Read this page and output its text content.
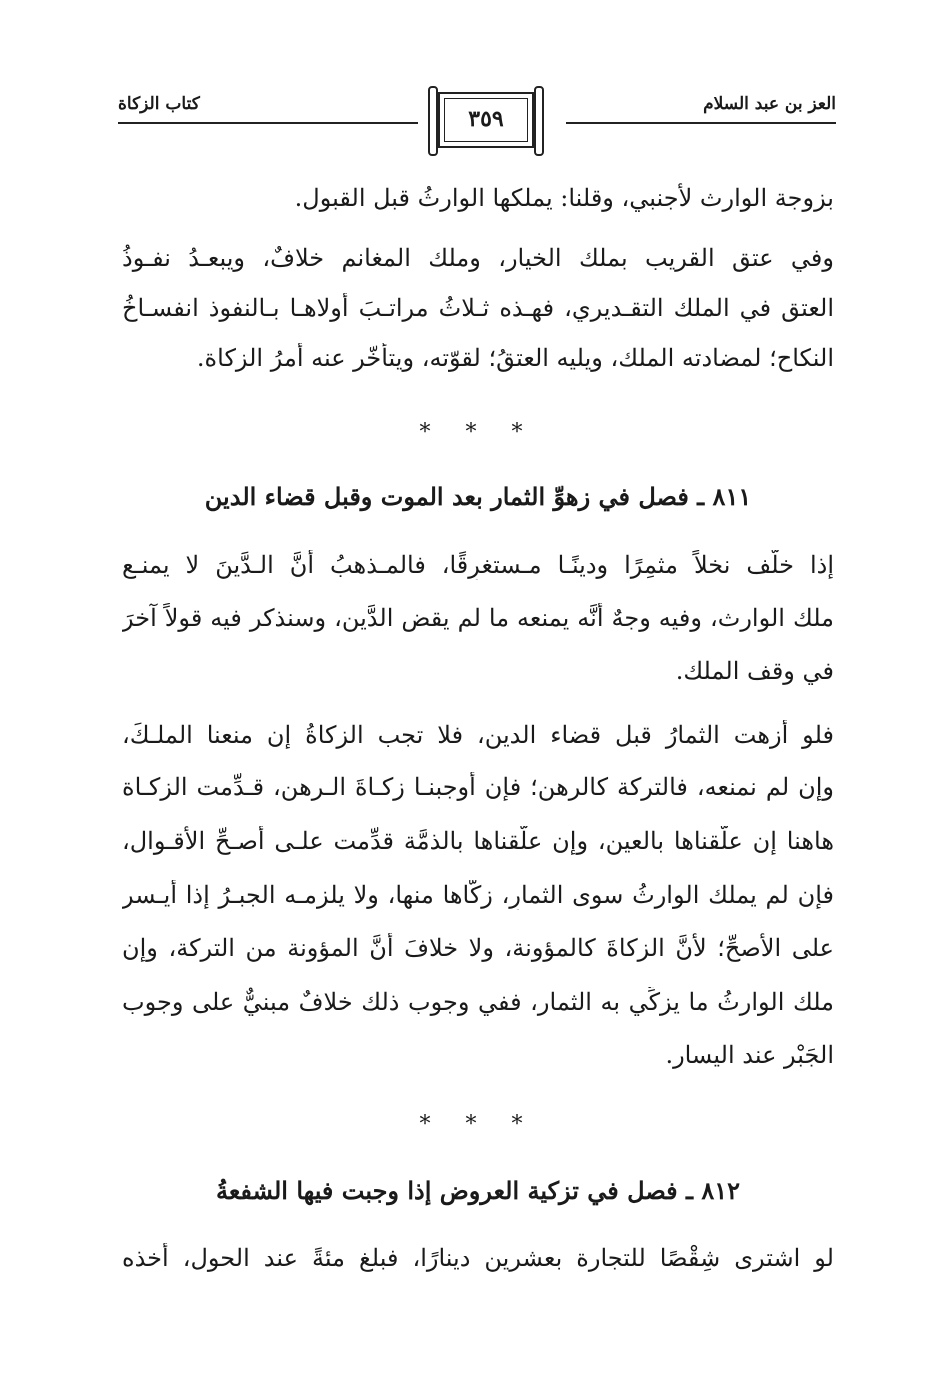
العز بن عبد السلام
٣٥٩
كتاب الزكاة
بزوجة الوارث لأجنبي، وقلنا: يملكها الوارثُ قبل القبول.
وفي عتق القريب بملك الخيار، وملك المغانم خلافٌ، ويبعـدُ نفـوذُ
العتق في الملك التقـديري، فهـذه ثـلاثُ مراتـبَ أَولاهـا بـالنفوذ انفسـاخُ
النكاح؛ لمضادته الملك، ويليه العتقُ؛ لقوّته، ويتأخّر عنه أمرُ الزكاة.
* * *
٨١١ ـ فصل في زهوِّ الثمار بعد الموت وقبل قضاء الدين
إذا خلَّف نخلاً مثمِرًا ودينًـا مـستغرِقًا، فالمـذهبُ أنَّ الـدَّينَ لا يمنـع
ملك الوارث، وفيه وجهٌ أنَّه يمنعه ما لم يقض الدَّين، وسنذكر فيه قولاً آخرَ
في وقف الملك.
فلو أزهت الثمارُ قبل قضاء الدين، فلا تجب الزكاةُ إِن منعنا الملـكَ،
وإِن لم نمنعه، فالتركة كالرهن؛ فإِن أوجبنـا زكـاةَ الـرهن، قـدِّمت الزكـاة
هاهنا إِن علَّقناها بالعين، وإِن علَّقناها بالذمَّة قدِّمت علـى أصـحِّ الأقـوال،
فإِن لم يملك الوارثُ سوى الثمارِ، زكَّاها منها، ولا يلزمـه الجبـرُ إِذا أيـسر
على الأصحِّ؛ لأنَّ الزكاةَ كالمؤونة، ولا خلافَ أنَّ المؤونة من التركة، وإِن
ملك الوارثُ ما يزكِّي به الثمار، ففي وجوب ذلك خلافٌ مبنيٌّ على وجوب
الجَبْر عند اليسار.
* * *
٨١٢ ـ فصل في تزكية العروض إذا وجبت فيها الشفعةُ
لو اشترى شِقْصًا للتجارة بعشرين دينارًا، فبلغ مئةً عند الحول، أخذه
